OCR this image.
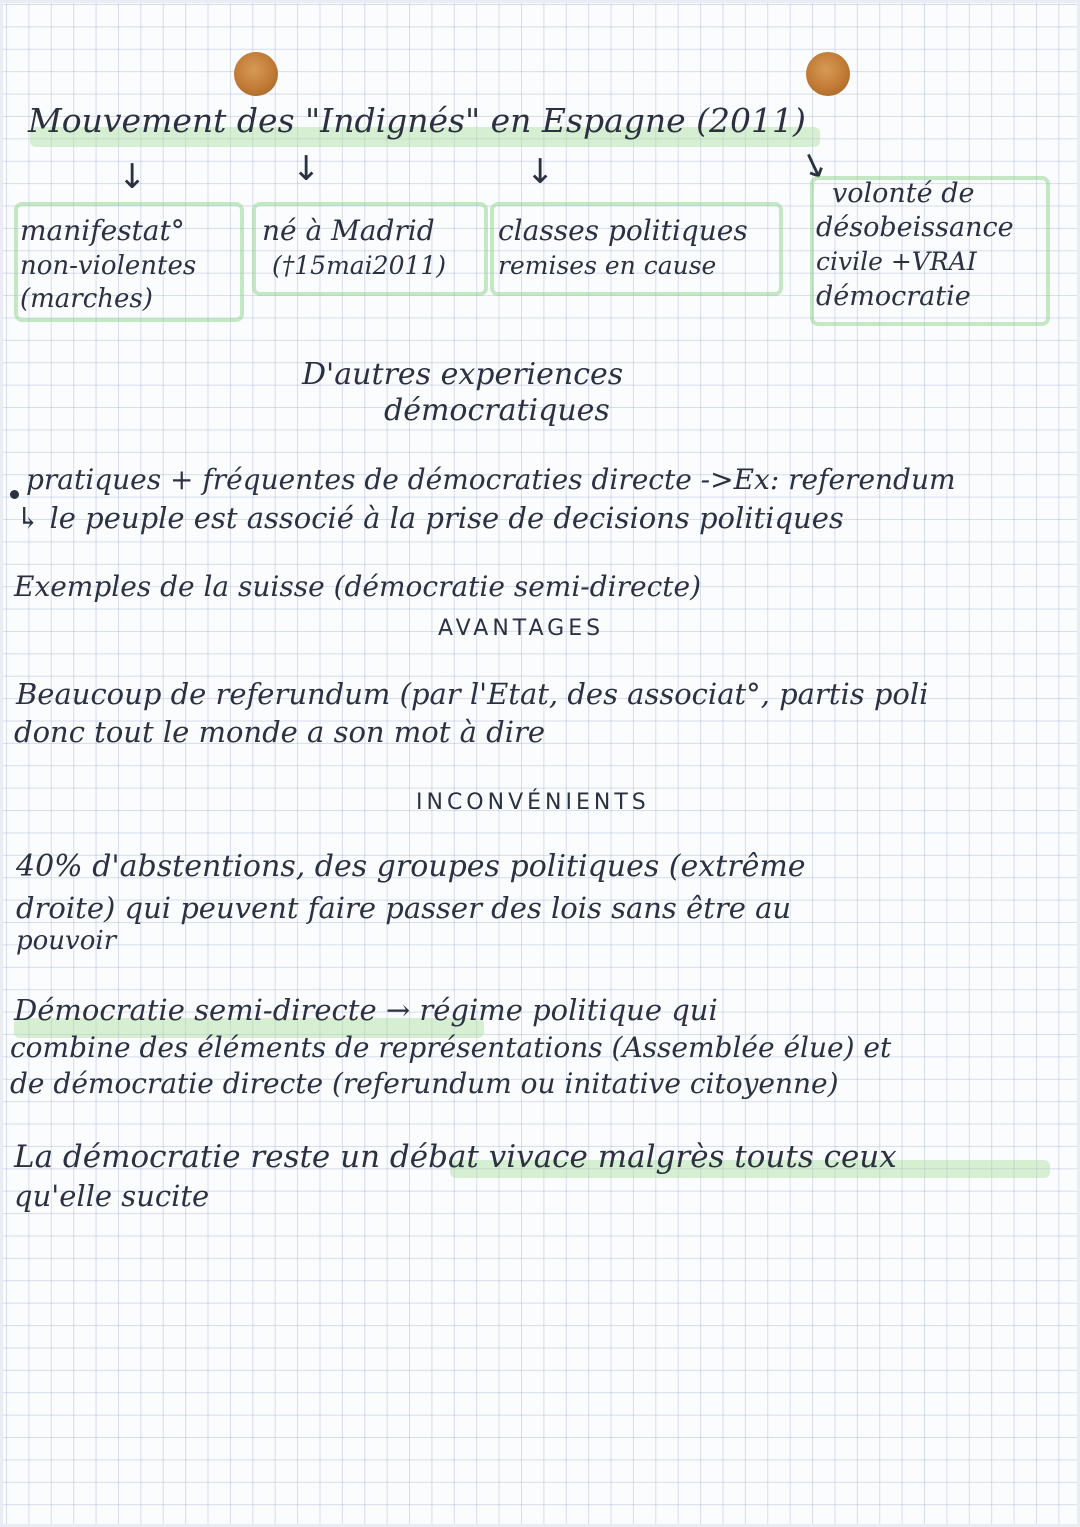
Mouvement des "Indignés" en Espagne (2011)
↓	↓	↓	↓
manifestat°
non-violentes
(marches)
né à Madrid
(†15mai2011)
classes politiques
remises en cause
volonté de
désobeissance
civile +VRAI
démocratie
D'autres experiences
démocratiques
pratiques + fréquentes de démocraties directe ->Ex: referendum
↳ le peuple est associé à la prise de decisions politiques
Exemples de la suisse (démocratie semi-directe)
AVANTAGES
Beaucoup de referundum (par l'Etat, des associat°, partis poli
donc tout le monde a son mot à dire
INCONVÉNIENTS
40% d'abstentions, des groupes politiques (extrême
droite) qui peuvent faire passer des lois sans être au
pouvoir
Démocratie semi-directe → régime politique qui
combine des éléments de représentations (Assemblée élue) et
de démocratie directe (referundum ou initative citoyenne)
La démocratie reste un débat vivace malgrès touts ceux
qu'elle sucite
